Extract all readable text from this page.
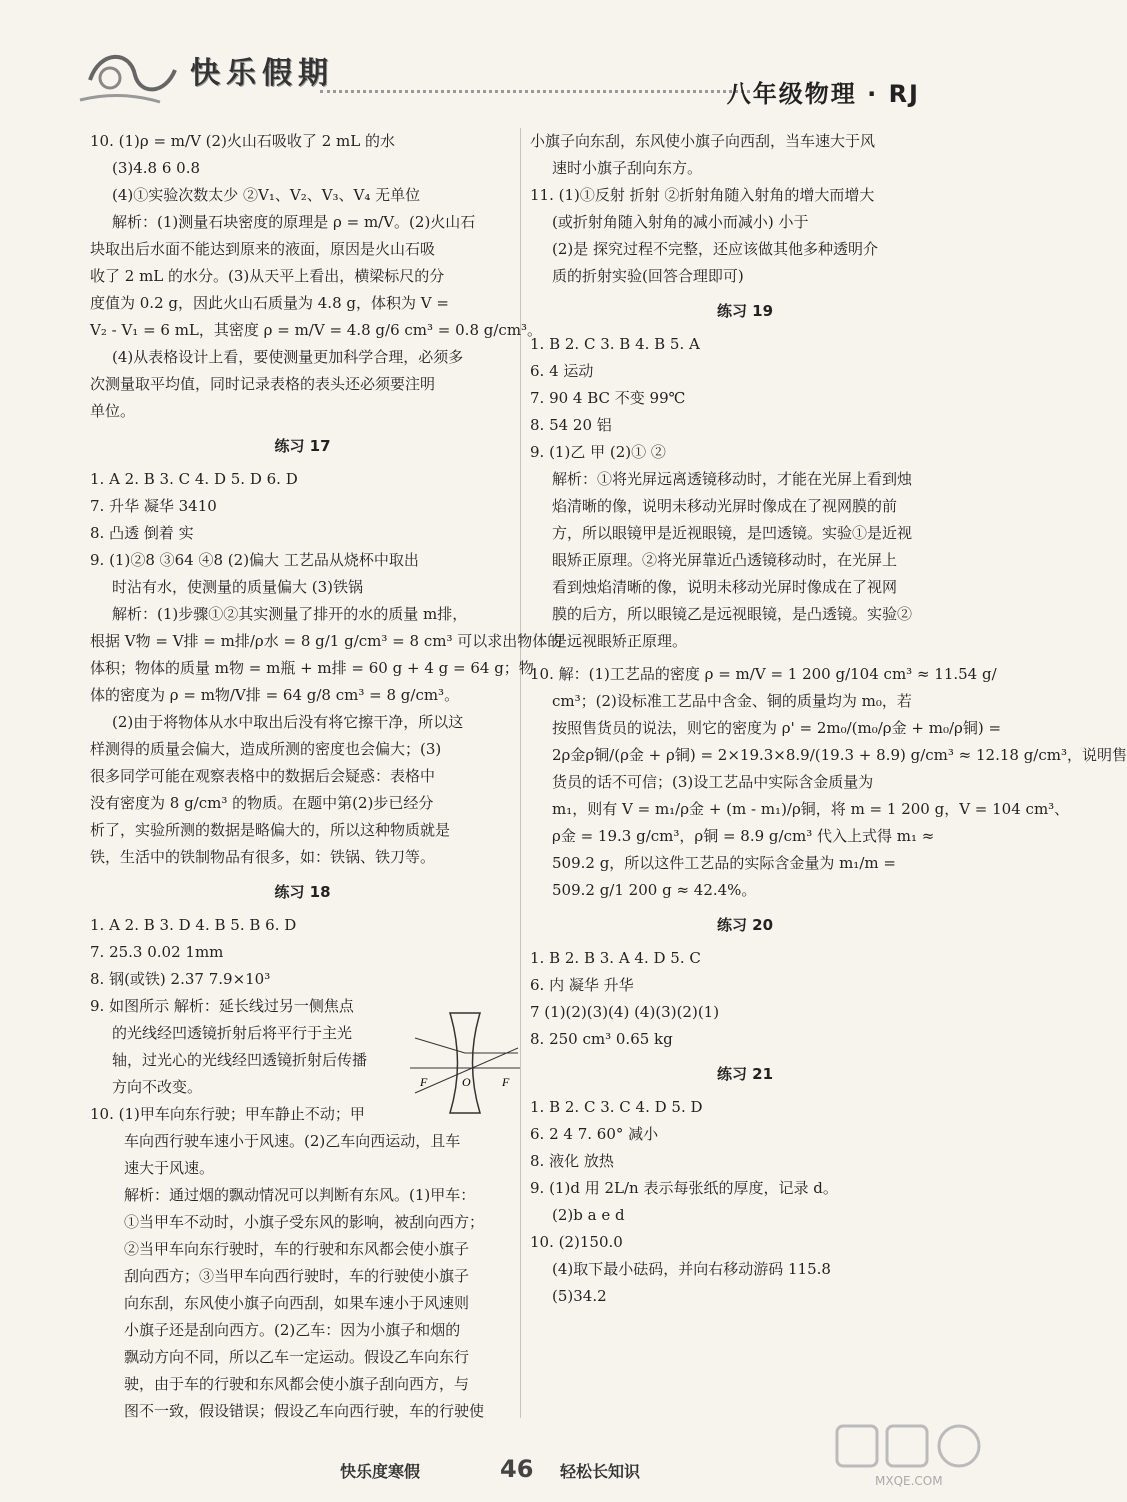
快乐假期
八年级物理 · RJ
10. (1)ρ = m/V (2)火山石吸收了 2 mL 的水
(3)4.8 6 0.8
(4)①实验次数太少 ②V₁、V₂、V₃、V₄ 无单位
解析：(1)测量石块密度的原理是 ρ = m/V。(2)火山石
块取出后水面不能达到原来的液面，原因是火山石吸
收了 2 mL 的水分。(3)从天平上看出，横梁标尺的分
度值为 0.2 g，因此火山石质量为 4.8 g，体积为 V =
V₂ - V₁ = 6 mL，其密度 ρ = m/V = 4.8 g/6 cm³ = 0.8 g/cm³。
(4)从表格设计上看，要使测量更加科学合理，必须多
次测量取平均值，同时记录表格的表头还必须要注明
单位。
练习 17
1. A 2. B 3. C 4. D 5. D 6. D
7. 升华 凝华 3410
8. 凸透 倒着 实
9. (1)②8 ③64 ④8 (2)偏大 工艺品从烧杯中取出
时沾有水，使测量的质量偏大 (3)铁锅
解析：(1)步骤①②其实测量了排开的水的质量 m排，
根据 V物 = V排 = m排/ρ水 = 8 g/1 g/cm³ = 8 cm³ 可以求出物体的
体积；物体的质量 m物 = m瓶 + m排 = 60 g + 4 g = 64 g；物
体的密度为 ρ = m物/V排 = 64 g/8 cm³ = 8 g/cm³。
(2)由于将物体从水中取出后没有将它擦干净，所以这
样测得的质量会偏大，造成所测的密度也会偏大；(3)
很多同学可能在观察表格中的数据后会疑惑：表格中
没有密度为 8 g/cm³ 的物质。在题中第(2)步已经分
析了，实验所测的数据是略偏大的，所以这种物质就是
铁，生活中的铁制物品有很多，如：铁锅、铁刀等。
练习 18
1. A 2. B 3. D 4. B 5. B 6. D
7. 25.3 0.02 1mm
8. 钢(或铁) 2.37 7.9×10³
9. 如图所示 解析：延长线过另一侧焦点
的光线经凹透镜折射后将平行于主光
轴，过光心的光线经凹透镜折射后传播
方向不改变。
10. (1)甲车向东行驶；甲车静止不动；甲
车向西行驶车速小于风速。(2)乙车向西运动，且车
速大于风速。
解析：通过烟的飘动情况可以判断有东风。(1)甲车：
①当甲车不动时，小旗子受东风的影响，被刮向西方；
②当甲车向东行驶时，车的行驶和东风都会使小旗子
刮向西方；③当甲车向西行驶时，车的行驶使小旗子
向东刮，东风使小旗子向西刮，如果车速小于风速则
小旗子还是刮向西方。(2)乙车：因为小旗子和烟的
飘动方向不同，所以乙车一定运动。假设乙车向东行
驶，由于车的行驶和东风都会使小旗子刮向西方，与
图不一致，假设错误；假设乙车向西行驶，车的行驶使
F	O	F
小旗子向东刮，东风使小旗子向西刮，当车速大于风
速时小旗子刮向东方。
11. (1)①反射 折射 ②折射角随入射角的增大而增大
(或折射角随入射角的减小而减小) 小于
(2)是 探究过程不完整，还应该做其他多种透明介
质的折射实验(回答合理即可)
练习 19
1. B 2. C 3. B 4. B 5. A
6. 4 运动
7. 90 4 BC 不变 99℃
8. 54 20 铝
9. (1)乙 甲 (2)① ②
解析：①将光屏远离透镜移动时，才能在光屏上看到烛
焰清晰的像，说明未移动光屏时像成在了视网膜的前
方，所以眼镜甲是近视眼镜，是凹透镜。实验①是近视
眼矫正原理。②将光屏靠近凸透镜移动时，在光屏上
看到烛焰清晰的像，说明未移动光屏时像成在了视网
膜的后方，所以眼镜乙是远视眼镜，是凸透镜。实验②
是远视眼矫正原理。
10. 解：(1)工艺品的密度 ρ = m/V = 1 200 g/104 cm³ ≈ 11.54 g/
cm³；(2)设标准工艺品中含金、铜的质量均为 m₀，若
按照售货员的说法，则它的密度为 ρ' = 2m₀/(m₀/ρ金 + m₀/ρ铜) =
2ρ金ρ铜/(ρ金 + ρ铜) = 2×19.3×8.9/(19.3 + 8.9) g/cm³ ≈ 12.18 g/cm³，说明售
货员的话不可信；(3)设工艺品中实际含金质量为
m₁，则有 V = m₁/ρ金 + (m - m₁)/ρ铜，将 m = 1 200 g，V = 104 cm³、
ρ金 = 19.3 g/cm³，ρ铜 = 8.9 g/cm³ 代入上式得 m₁ ≈
509.2 g，所以这件工艺品的实际含金量为 m₁/m =
509.2 g/1 200 g ≈ 42.4%。
练习 20
1. B 2. B 3. A 4. D 5. C
6. 内 凝华 升华
7 (1)(2)(3)(4) (4)(3)(2)(1)
8. 250 cm³ 0.65 kg
练习 21
1. B 2. C 3. C 4. D 5. D
6. 2 4 7. 60° 减小
8. 液化 放热
9. (1)d 用 2L/n 表示每张纸的厚度，记录 d。
(2)b a e d
10. (2)150.0
(4)取下最小砝码，并向右移动游码 115.8
(5)34.2
快乐度寒假	46 轻松长知识	MXQE.COM
